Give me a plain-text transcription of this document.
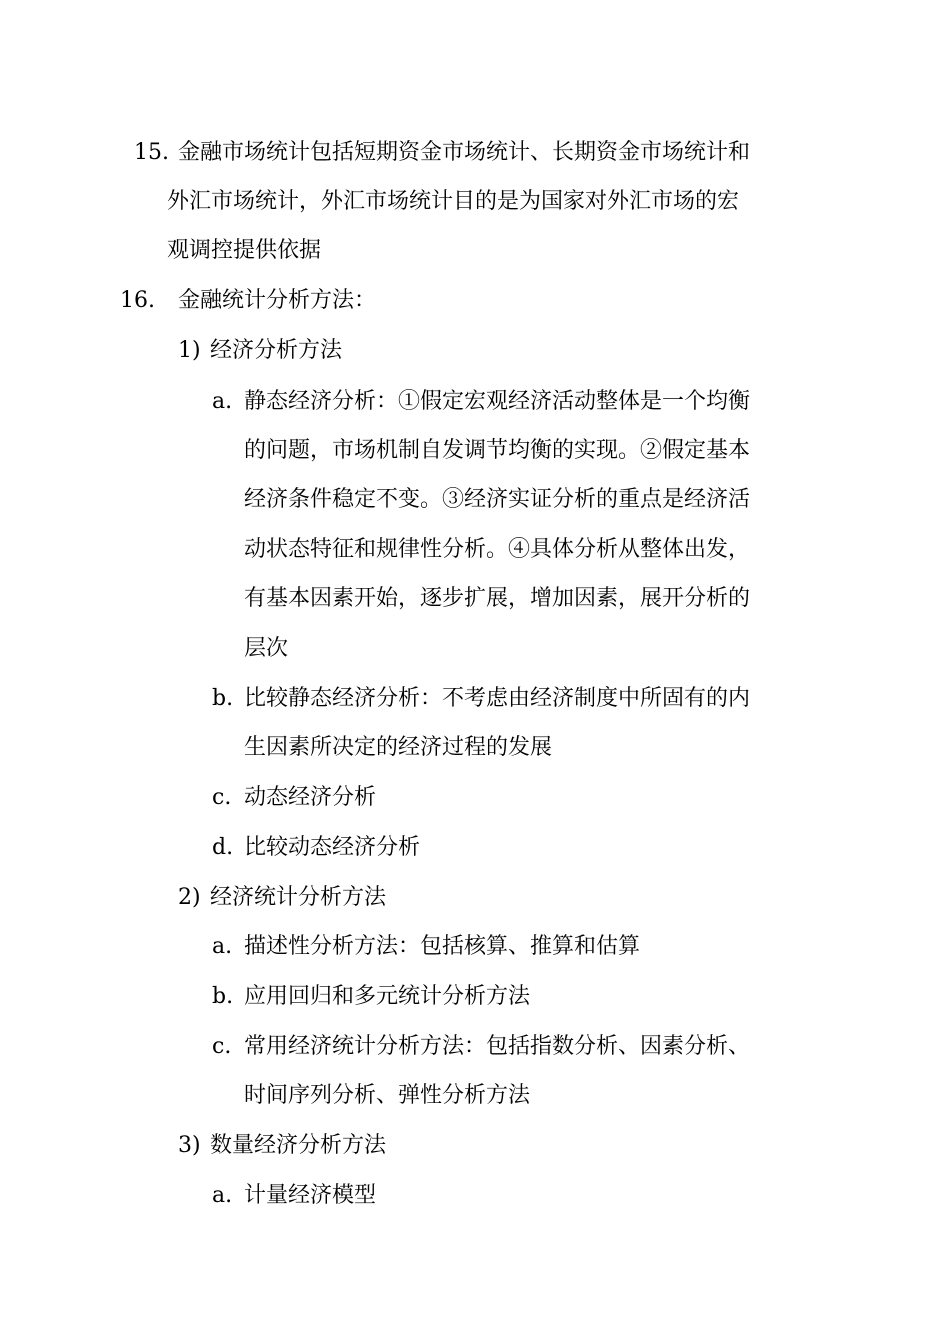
15. 金融市场统计包括短期资金市场统计、长期资金市场统计和
外汇市场统计，外汇市场统计目的是为国家对外汇市场的宏
观调控提供依据
16. 金融统计分析方法：
1) 经济分析方法
a. 静态经济分析：①假定宏观经济活动整体是一个均衡
的问题，市场机制自发调节均衡的实现。②假定基本
经济条件稳定不变。③经济实证分析的重点是经济活
动状态特征和规律性分析。④具体分析从整体出发，
有基本因素开始，逐步扩展，增加因素，展开分析的
层次
b. 比较静态经济分析：不考虑由经济制度中所固有的内
生因素所决定的经济过程的发展
c. 动态经济分析
d. 比较动态经济分析
2) 经济统计分析方法
a. 描述性分析方法：包括核算、推算和估算
b. 应用回归和多元统计分析方法
c. 常用经济统计分析方法：包括指数分析、因素分析、
时间序列分析、弹性分析方法
3) 数量经济分析方法
a. 计量经济模型
